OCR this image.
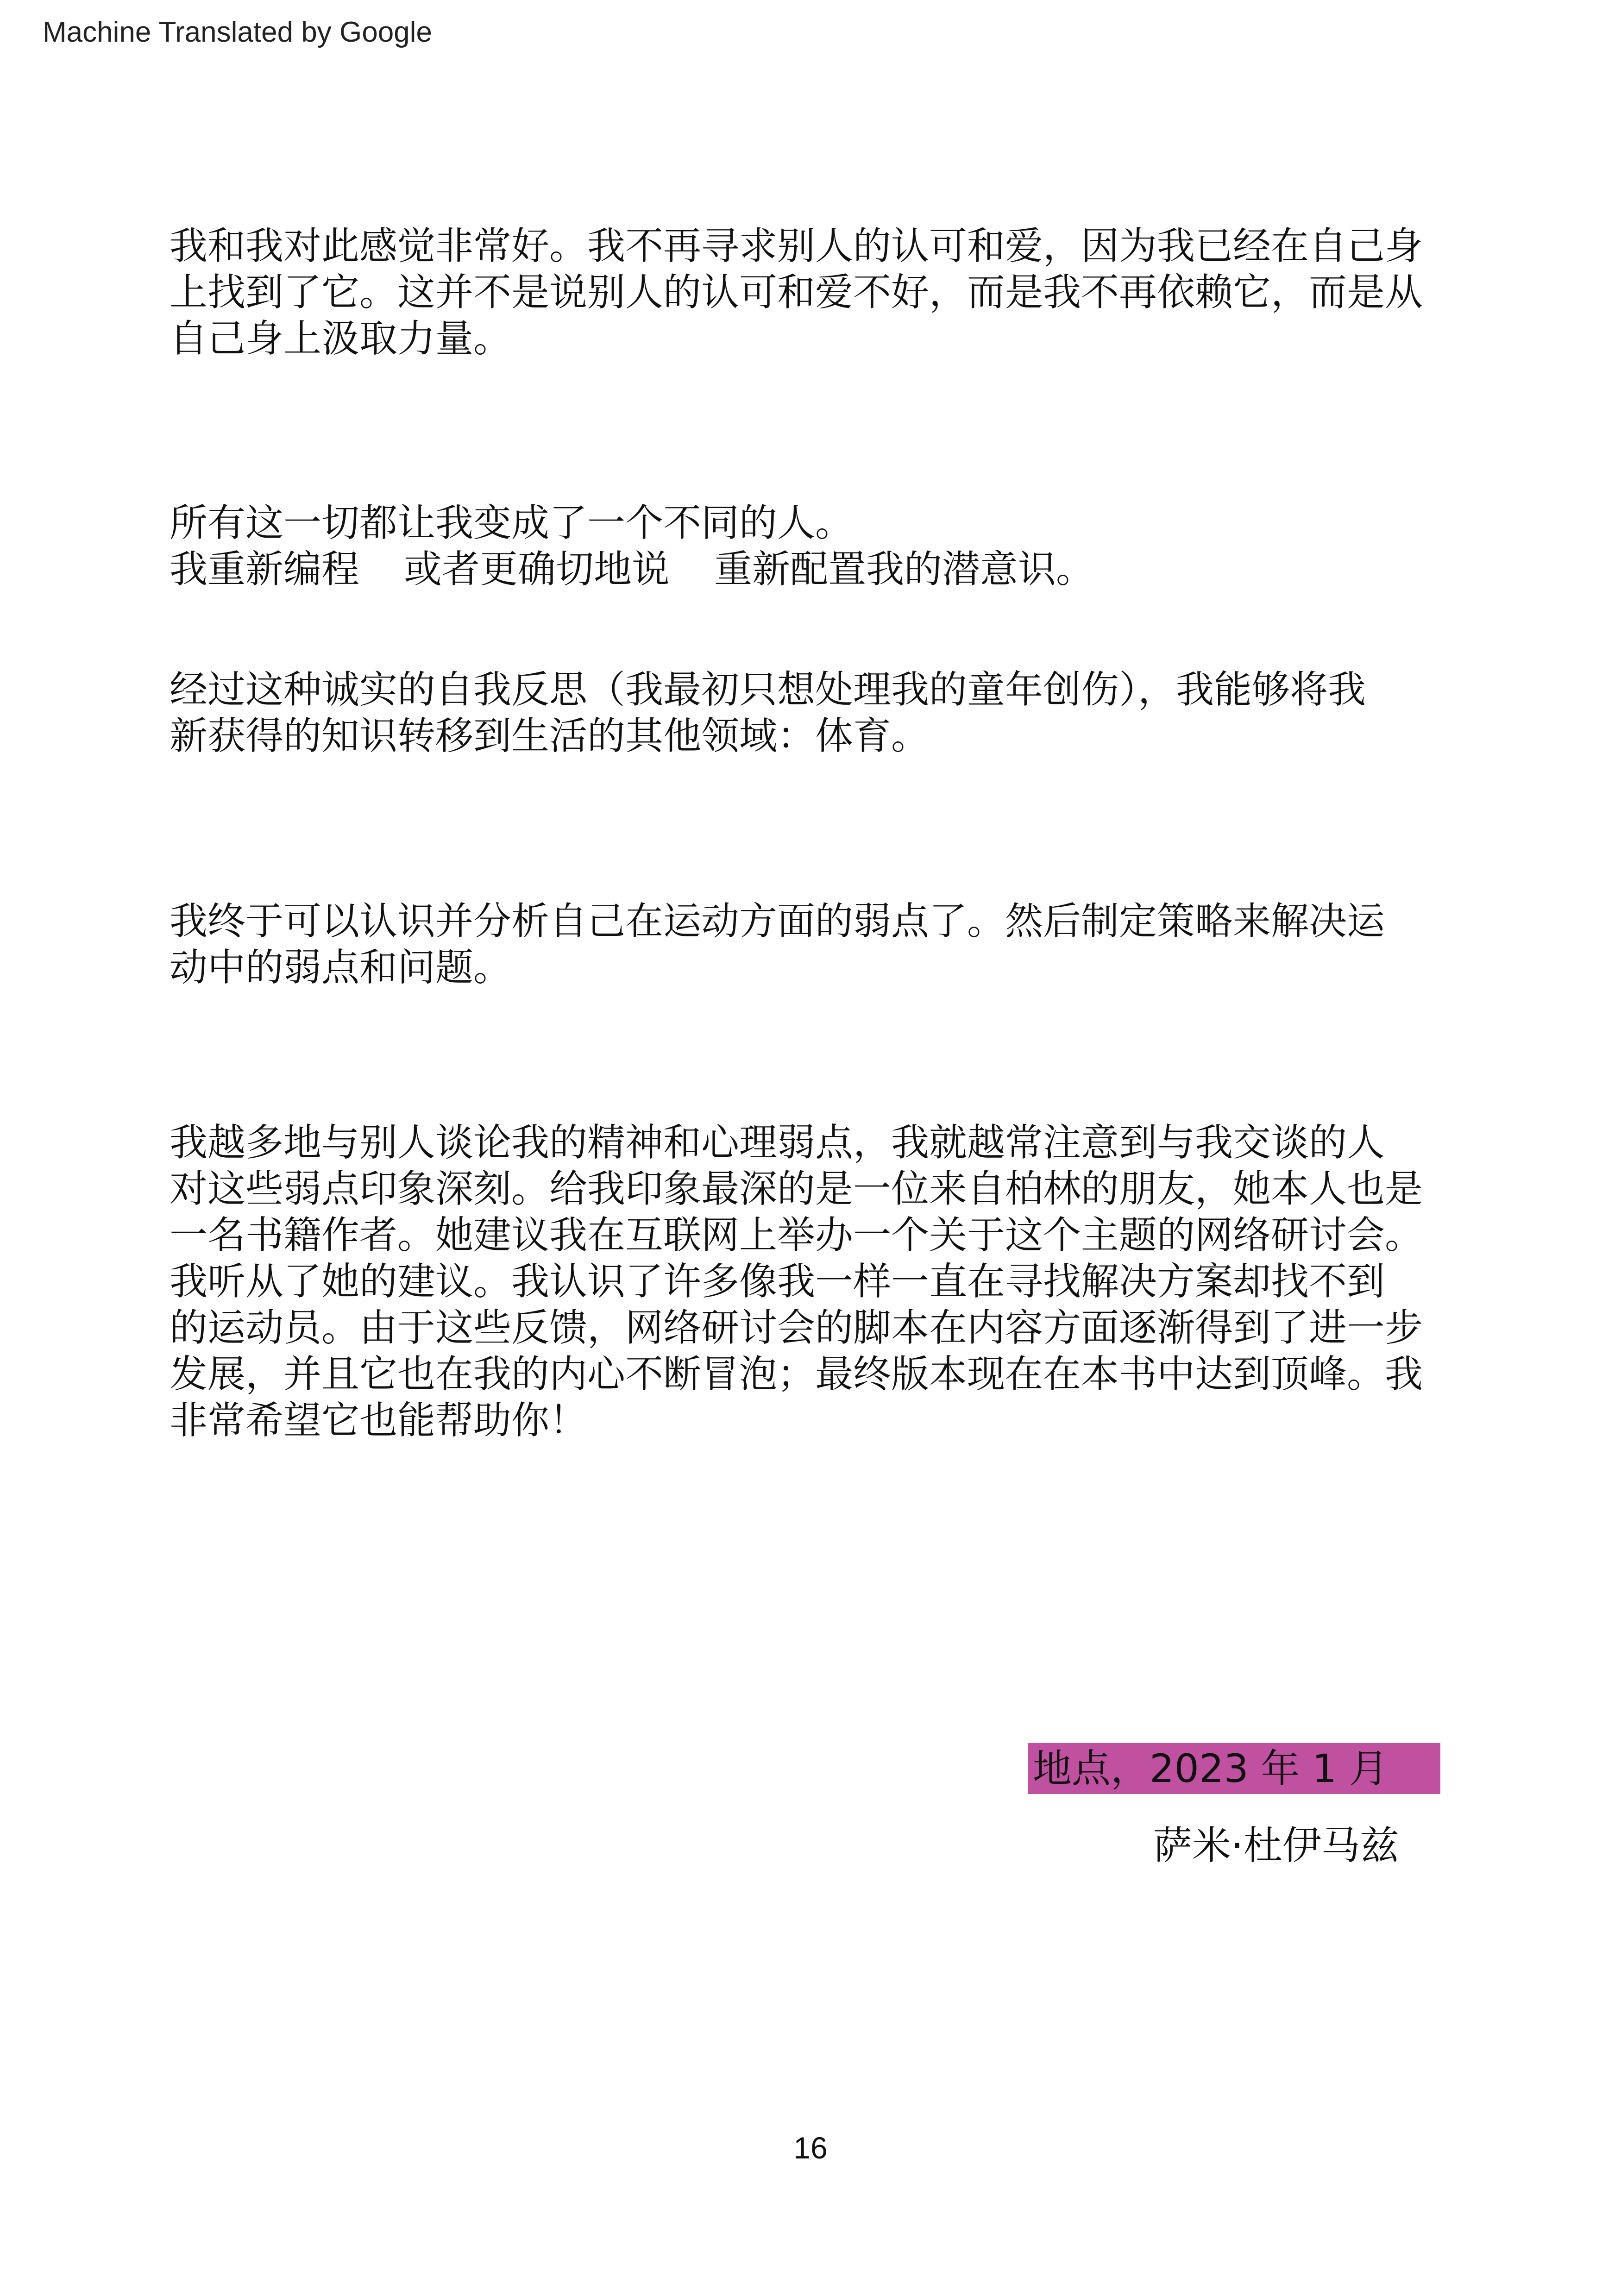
Machine Translated by Google
我和我对此感觉非常好。我不再寻求别人的认可和爱，因为我已经在自己身
上找到了它。这并不是说别人的认可和爱不好，而是我不再依赖它，而是从
自己身上汲取力量。
所有这一切都让我变成了一个不同的人。
我重新编程 或者更确切地说 重新配置我的潜意识。
经过这种诚实的自我反思（我最初只想处理我的童年创伤），我能够将我
新获得的知识转移到生活的其他领域：体育。
我终于可以认识并分析自己在运动方面的弱点了。然后制定策略来解决运
动中的弱点和问题。
我越多地与别人谈论我的精神和心理弱点，我就越常注意到与我交谈的人
对这些弱点印象深刻。给我印象最深的是一位来自柏林的朋友，她本人也是
一名书籍作者。她建议我在互联网上举办一个关于这个主题的网络研讨会。
我听从了她的建议。我认识了许多像我一样一直在寻找解决方案却找不到
的运动员。由于这些反馈，网络研讨会的脚本在内容方面逐渐得到了进一步
发展，并且它也在我的内心不断冒泡；最终版本现在在本书中达到顶峰。我
非常希望它也能帮助你！
地点，2023 年 1 月
萨米·杜伊马兹
16
